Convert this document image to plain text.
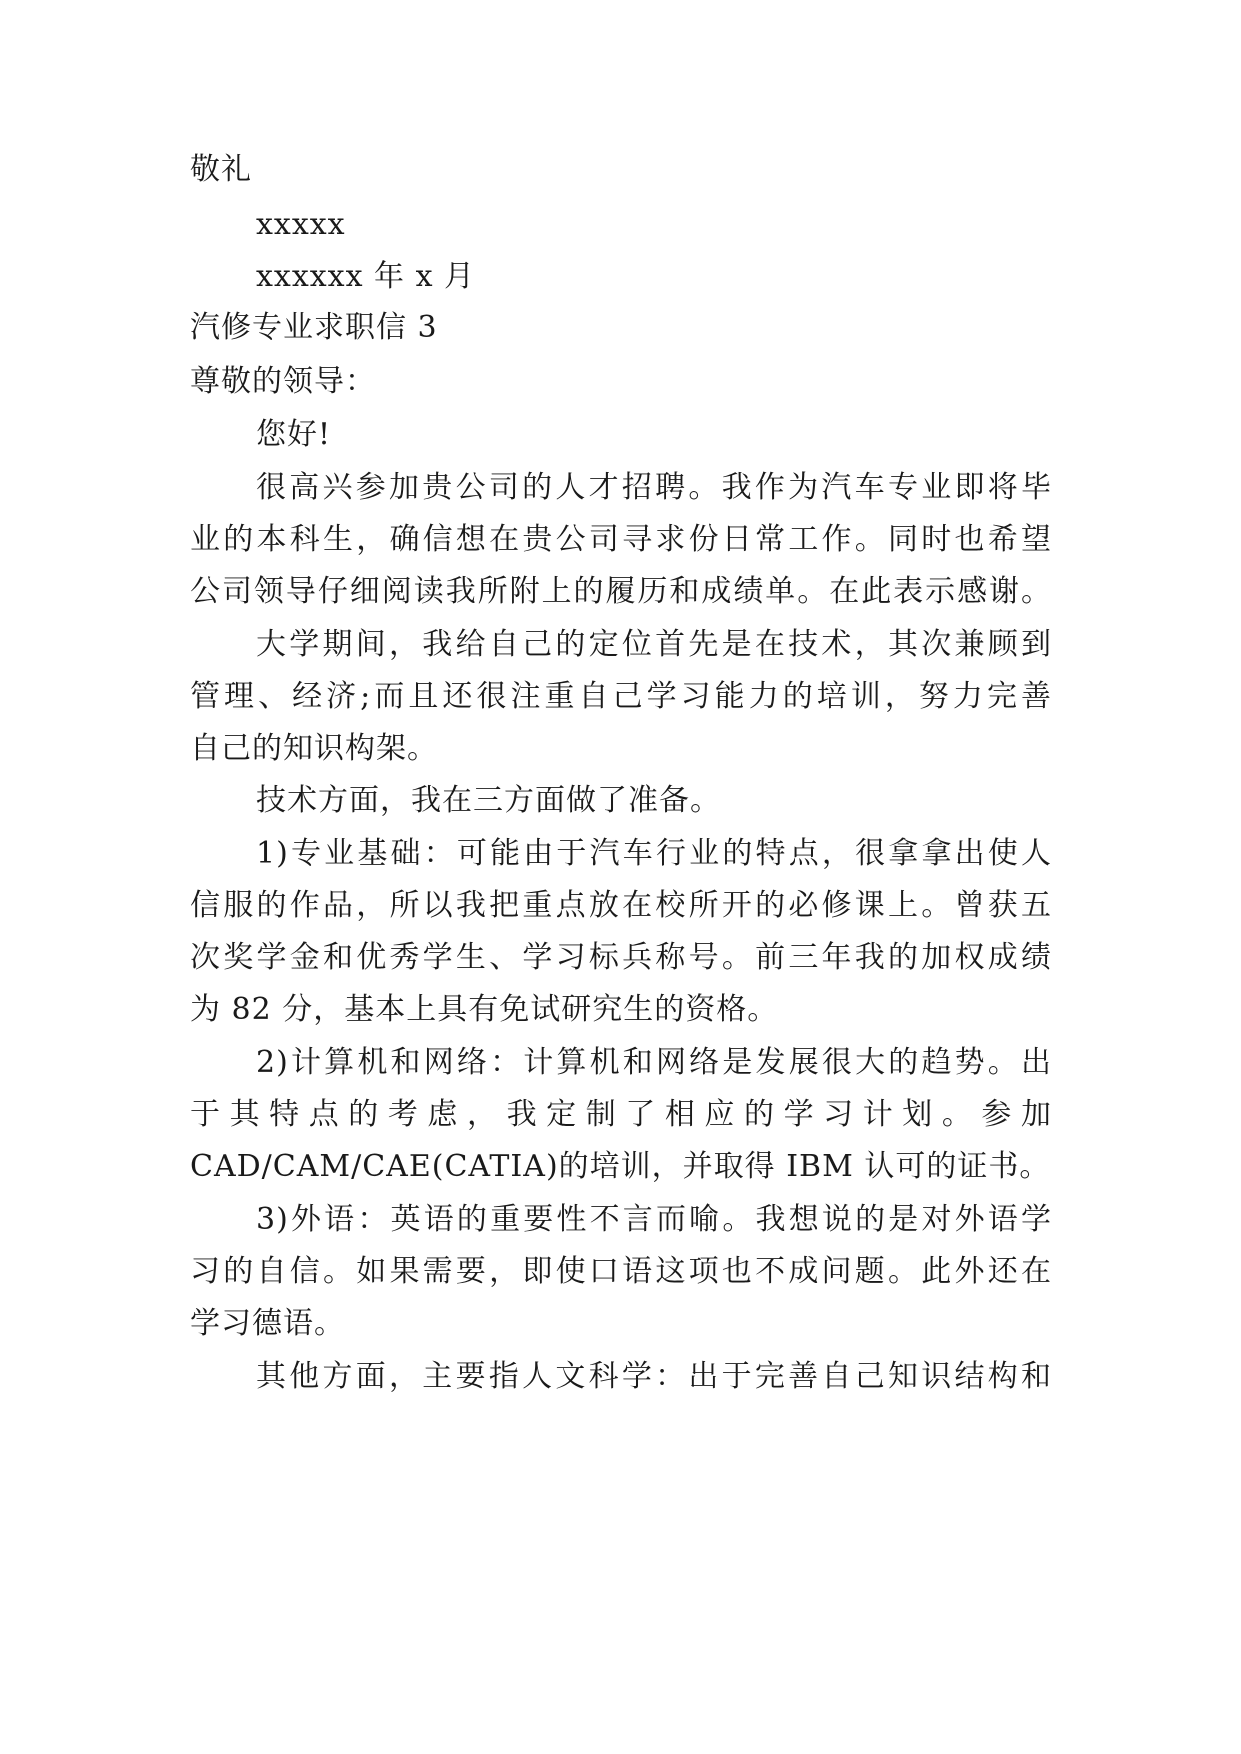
敬礼
xxxxx
xxxxxx 年 x 月
汽修专业求职信 3
尊敬的领导：
您好!
很高兴参加贵公司的人才招聘。我作为汽车专业即将毕
业的本科生，确信想在贵公司寻求份日常工作。同时也希望
公司领导仔细阅读我所附上的履历和成绩单。在此表示感谢。
大学期间，我给自己的定位首先是在技术，其次兼顾到
管理、经济;而且还很注重自己学习能力的培训，努力完善
自己的知识构架。
技术方面，我在三方面做了准备。
1)专业基础：可能由于汽车行业的特点，很拿拿出使人
信服的作品，所以我把重点放在校所开的必修课上。曾获五
次奖学金和优秀学生、学习标兵称号。前三年我的加权成绩
为 82 分，基本上具有免试研究生的资格。
2)计算机和网络：计算机和网络是发展很大的趋势。出
于其特点的考虑，我定制了相应的学习计划。参加
CAD/CAM/CAE(CATIA)的培训，并取得 IBM 认可的证书。
3)外语：英语的重要性不言而喻。我想说的是对外语学
习的自信。如果需要，即使口语这项也不成问题。此外还在
学习德语。
其他方面，主要指人文科学：出于完善自己知识结构和
